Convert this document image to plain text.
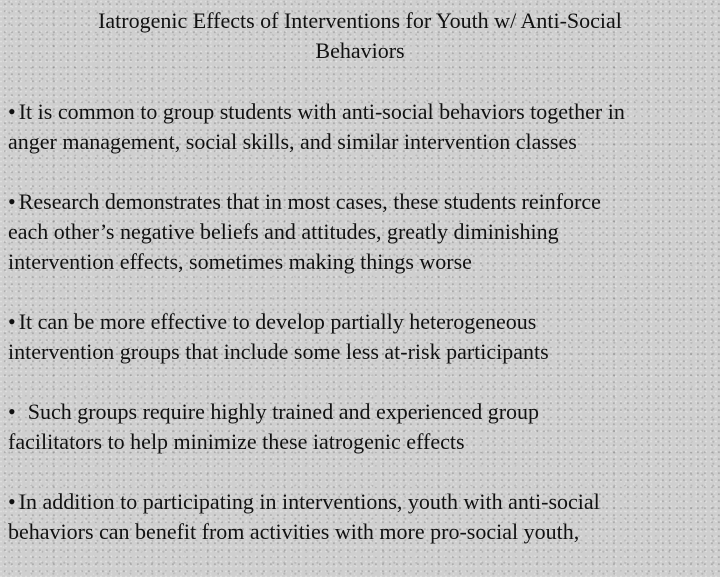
Iatrogenic Effects of Interventions for Youth w/ Anti-Social
Behaviors
• It is common to group students with anti-social behaviors together in
anger management, social skills, and similar intervention classes
• Research demonstrates that in most cases, these students reinforce
each other’s negative beliefs and attitudes, greatly diminishing
intervention effects, sometimes making things worse
• It can be more effective to develop partially heterogeneous
intervention groups that include some less at-risk participants
• Such groups require highly trained and experienced group
facilitators to help minimize these iatrogenic effects
• In addition to participating in interventions, youth with anti-social
behaviors can benefit from activities with more pro-social youth,
